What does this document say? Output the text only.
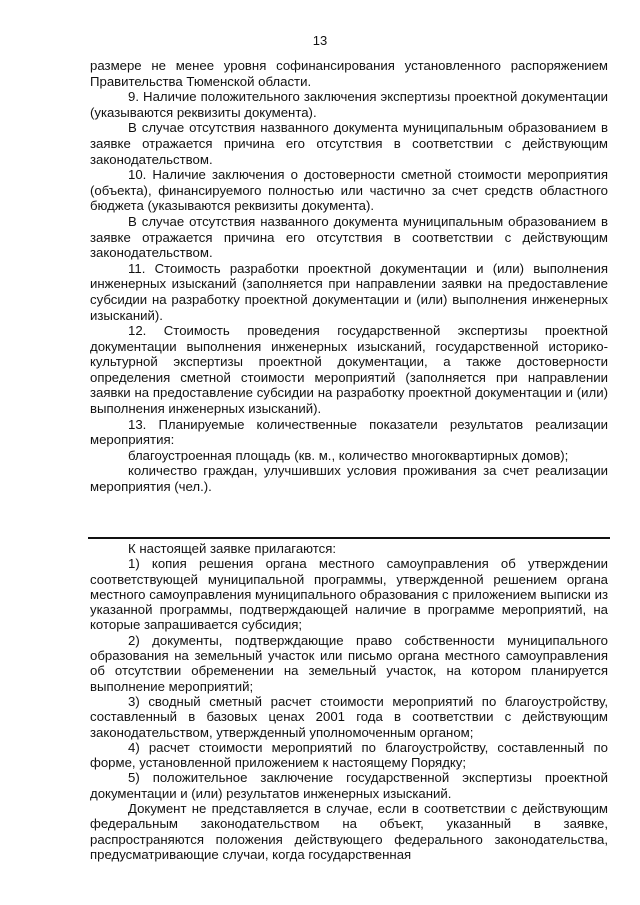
13

размере не менее уровня софинансирования установленного распоряжением Правительства Тюменской области.

9. Наличие положительного заключения экспертизы проектной документации (указываются реквизиты документа).

В случае отсутствия названного документа муниципальным образованием в заявке отражается причина его отсутствия в соответствии с действующим законодательством.

10. Наличие заключения о достоверности сметной стоимости мероприятия (объекта), финансируемого полностью или частично за счет средств областного бюджета (указываются реквизиты документа).

В случае отсутствия названного документа муниципальным образованием в заявке отражается причина его отсутствия в соответствии с действующим законодательством.

11. Стоимость разработки проектной документации и (или) выполнения инженерных изысканий (заполняется при направлении заявки на предоставление субсидии на разработку проектной документации и (или) выполнения инженерных изысканий).

12. Стоимость проведения государственной экспертизы проектной документации выполнения инженерных изысканий, государственной историко-культурной экспертизы проектной документации, а также достоверности определения сметной стоимости мероприятий (заполняется при направлении заявки на предоставление субсидии на разработку проектной документации и (или) выполнения инженерных изысканий).

13. Планируемые количественные показатели результатов реализации мероприятия:

благоустроенная площадь (кв. м., количество многоквартирных домов);

количество граждан, улучшивших условия проживания за счет реализации мероприятия (чел.).

К настоящей заявке прилагаются:

1) копия решения органа местного самоуправления об утверждении соответствующей муниципальной программы, утвержденной решением органа местного самоуправления муниципального образования с приложением выписки из указанной программы, подтверждающей наличие в программе мероприятий, на которые запрашивается субсидия;

2) документы, подтверждающие право собственности муниципального образования на земельный участок или письмо органа местного самоуправления об отсутствии обременении на земельный участок, на котором планируется выполнение мероприятий;

3) сводный сметный расчет стоимости мероприятий по благоустройству, составленный в базовых ценах 2001 года в соответствии с действующим законодательством, утвержденный уполномоченным органом;

4) расчет стоимости мероприятий по благоустройству, составленный по форме, установленной приложением к настоящему Порядку;

5) положительное заключение государственной экспертизы проектной документации и (или) результатов инженерных изысканий.

Документ не представляется в случае, если в соответствии с действующим федеральным законодательством на объект, указанный в заявке, распространяются положения действующего федерального законодательства, предусматривающие случаи, когда государственная
